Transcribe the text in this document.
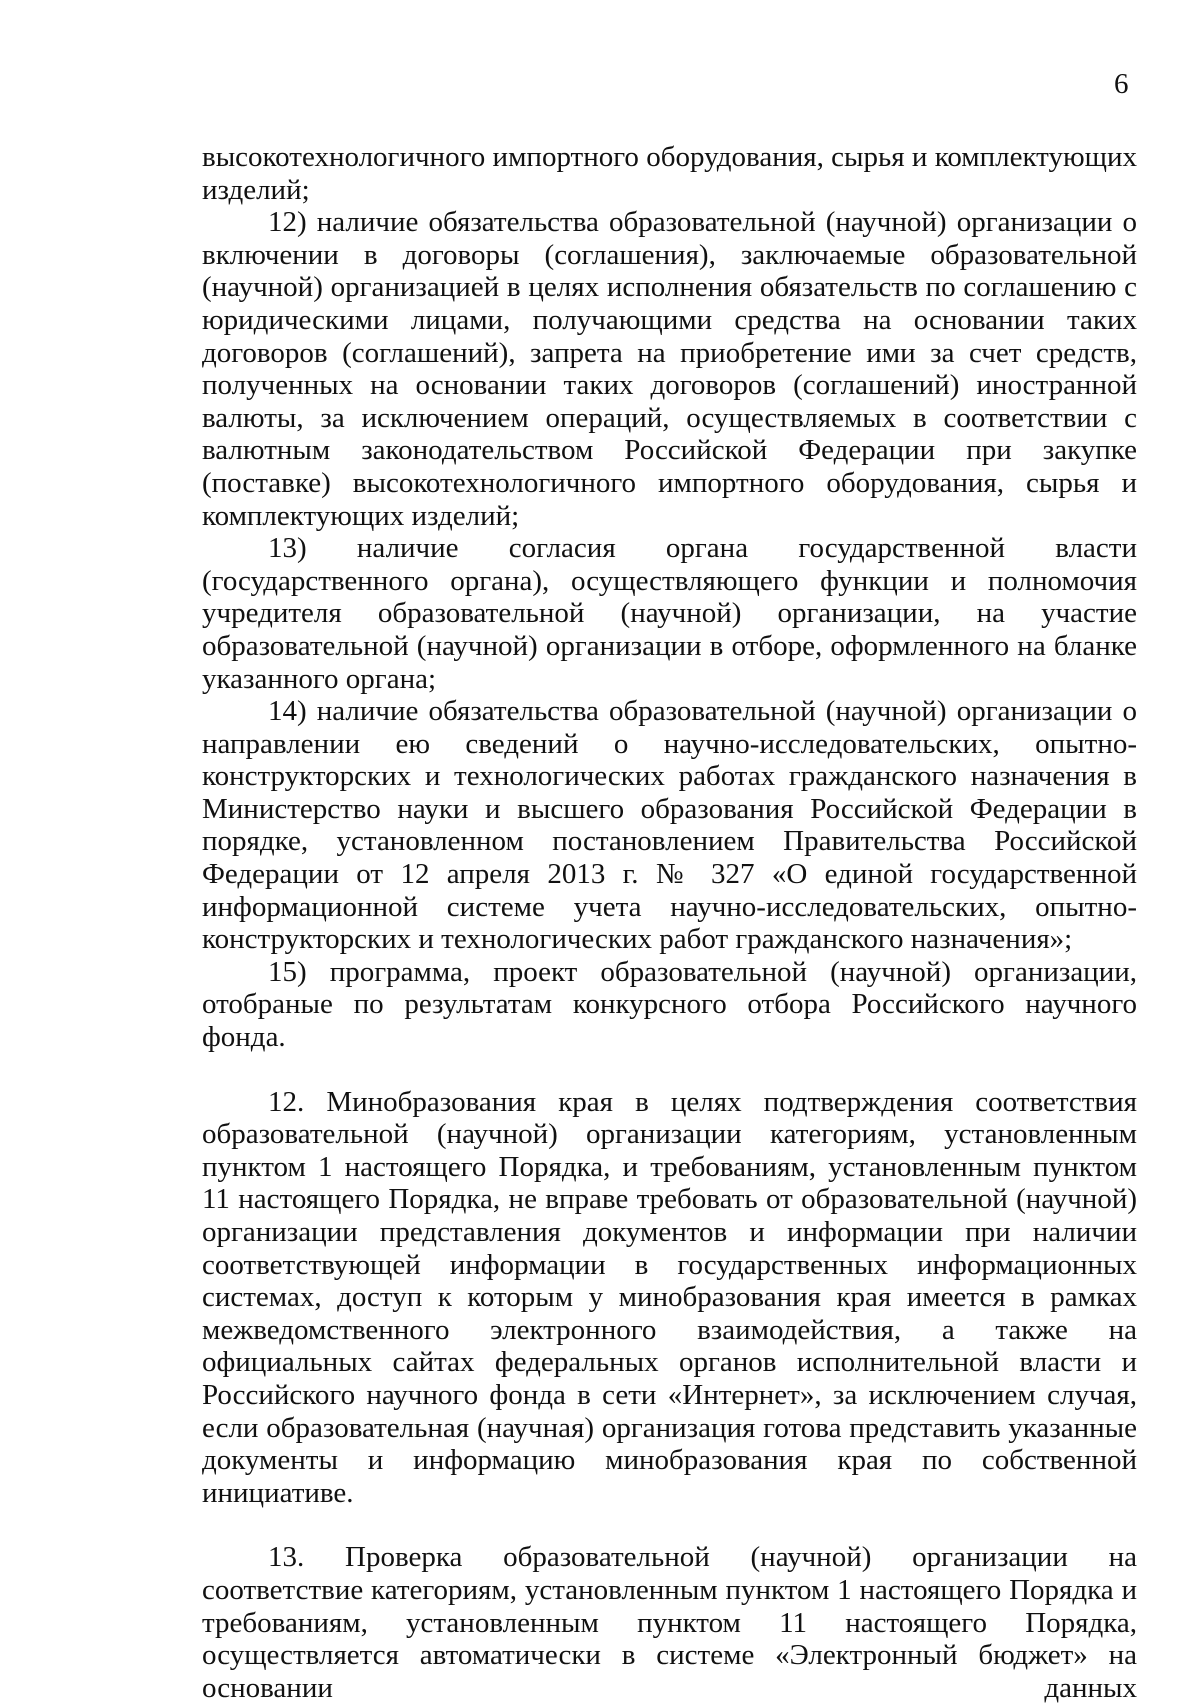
6

высокотехнологичного импортного оборудования, сырья и комплектующих изделий;

12) наличие обязательства образовательной (научной) организации о включении в договоры (соглашения), заключаемые образовательной (научной) организацией в целях исполнения обязательств по соглашению с юридическими лицами, получающими средства на основании таких договоров (соглашений), запрета на приобретение ими за счет средств, полученных на основании таких договоров (соглашений) иностранной валюты, за исключением операций, осуществляемых в соответствии с валютным законодательством Российской Федерации при закупке (поставке) высокотехнологичного импортного оборудования, сырья и комплектующих изделий;

13) наличие согласия органа государственной власти (государственного органа), осуществляющего функции и полномочия учредителя образовательной (научной) организации, на участие образовательной (научной) организации в отборе, оформленного на бланке указанного органа;

14) наличие обязательства образовательной (научной) организации о направлении ею сведений о научно-исследовательских, опытно-конструкторских и технологических работах гражданского назначения в Министерство науки и высшего образования Российской Федерации в порядке, установленном постановлением Правительства Российской Федерации от 12 апреля 2013 г. № 327 «О единой государственной информационной системе учета научно-исследовательских, опытно-конструкторских и технологических работ гражданского назначения»;

15) программа, проект образовательной (научной) организации, отобраные по результатам конкурсного отбора Российского научного фонда.

12. Минобразования края в целях подтверждения соответствия образовательной (научной) организации категориям, установленным пунктом 1 настоящего Порядка, и требованиям, установленным пунктом 11 настоящего Порядка, не вправе требовать от образовательной (научной) организации представления документов и информации при наличии соответствующей информации в государственных информационных системах, доступ к которым у минобразования края имеется в рамках межведомственного электронного взаимодействия, а также на официальных сайтах федеральных органов исполнительной власти и Российского научного фонда в сети «Интернет», за исключением случая, если образовательная (научная) организация готова представить указанные документы и информацию минобразования края по собственной инициативе.

13. Проверка образовательной (научной) организации на соответствие категориям, установленным пунктом 1 настоящего Порядка и требованиям, установленным пунктом 11 настоящего Порядка, осуществляется автоматически в системе «Электронный бюджет» на основании данных
